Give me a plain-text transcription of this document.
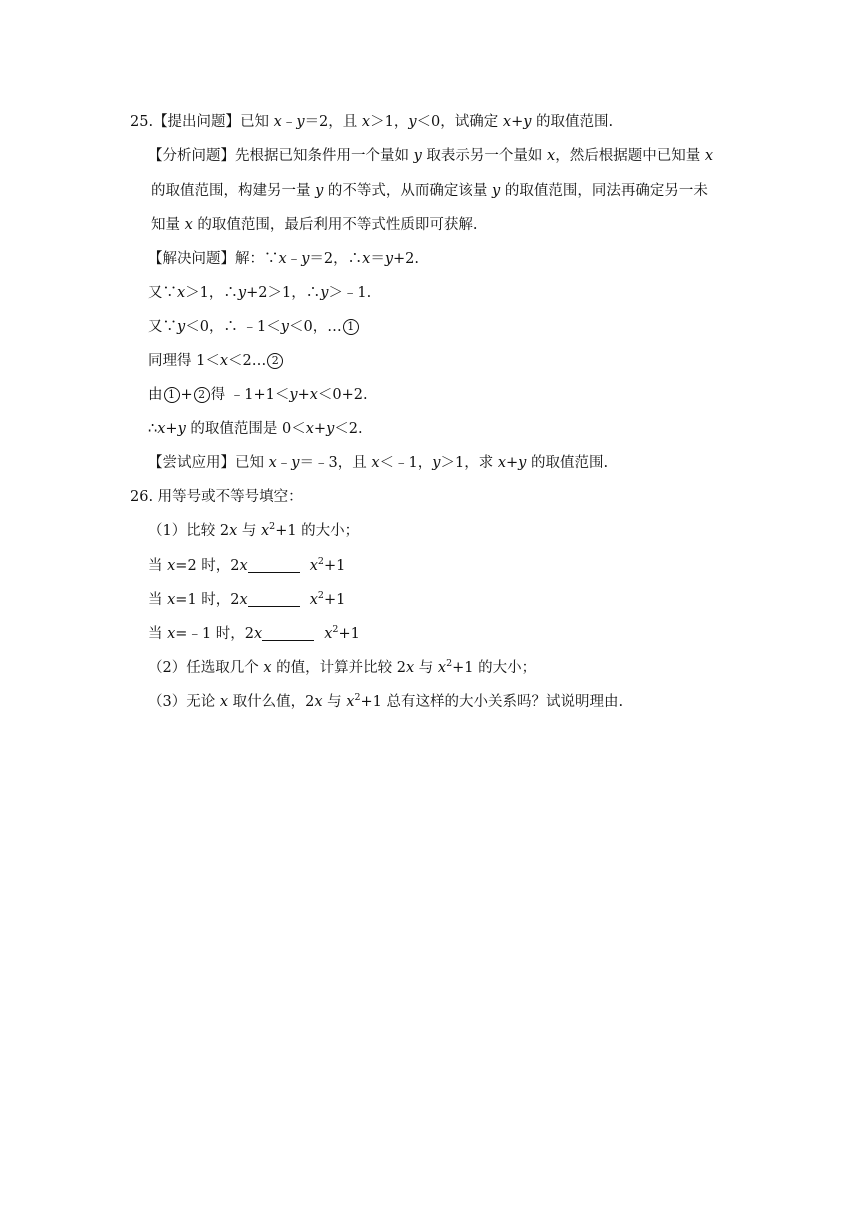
25.【提出问题】已知 x﹣y＝2，且 x＞1，y＜0，试确定 x+y 的取值范围.
【分析问题】先根据已知条件用一个量如 y 取表示另一个量如 x，然后根据题中已知量 x
的取值范围，构建另一量 y 的不等式，从而确定该量 y 的取值范围，同法再确定另一未
知量 x 的取值范围，最后利用不等式性质即可获解.
【解决问题】解：∵x﹣y＝2，∴x＝y+2.
又∵x＞1，∴y+2＞1，∴y＞﹣1.
又∵y＜0，∴ ﹣1＜y＜0，… 1
同理得 1＜x＜2… 2
由 1 + 2 得 ﹣1+1＜y+x＜0+2.
∴x+y 的取值范围是 0＜x+y＜2.
【尝试应用】已知 x﹣y＝﹣3，且 x＜﹣1，y＞1，求 x+y 的取值范围.
26. 用等号或不等号填空：
（1）比较 2x 与 $x^2+1$ 的大小；
当 x=2 时，2x	$x^2+1$
当 x=1 时，2x	$x^2+1$
当 x=﹣1 时，2x	$x^2+1$
（2）任选取几个 x 的值，计算并比较 2x 与 $x^2+1$ 的大小；
（3）无论 x 取什么值，2x 与 $x^2+1$ 总有这样的大小关系吗？试说明理由.
